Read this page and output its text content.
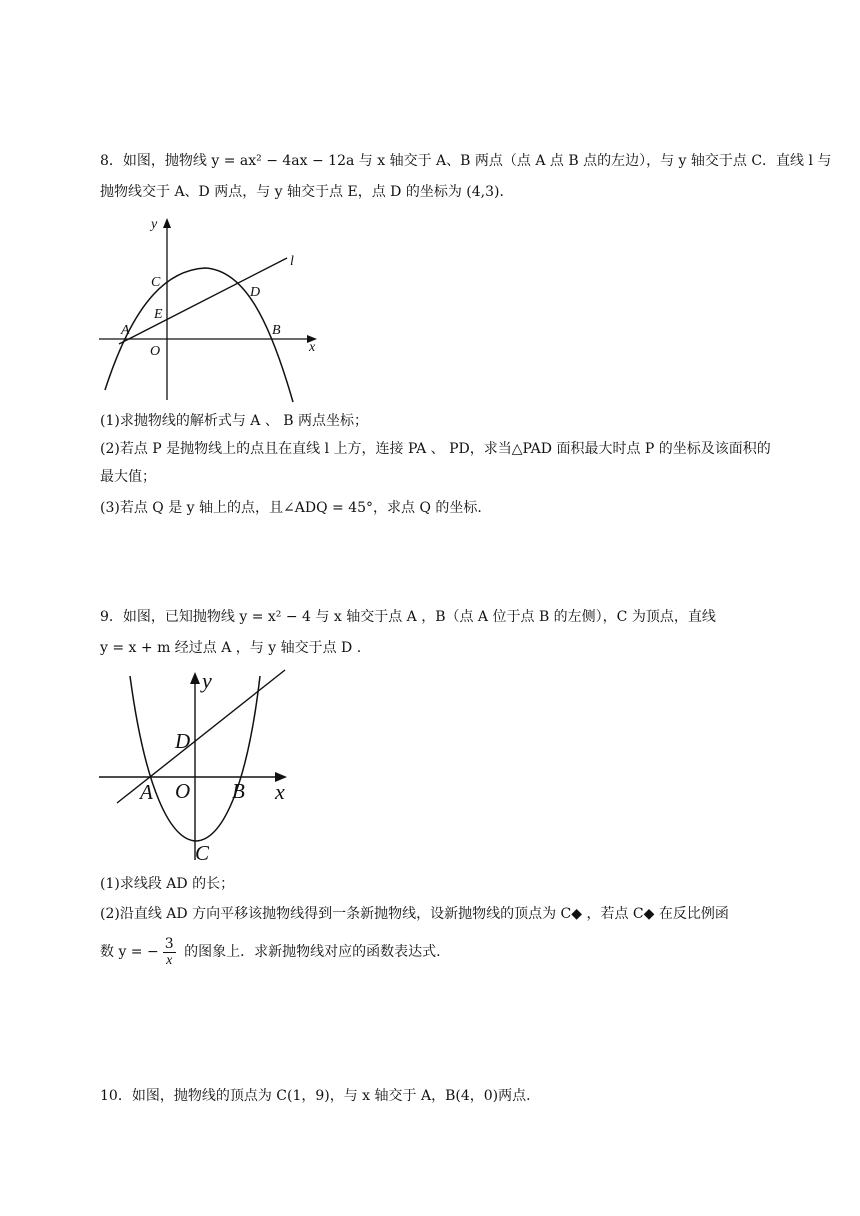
8．如图，抛物线 y = ax² − 4ax − 12a 与 x 轴交于 A、B 两点（点 A 点 B 点的左边），与 y 轴交于点 C．直线 l 与
抛物线交于 A、D 两点，与 y 轴交于点 E，点 D 的坐标为 (4,3)．
y
l
C
D
E
A	B
O	x
(1)求抛物线的解析式与 A 、 B 两点坐标；
(2)若点 P 是抛物线上的点且在直线 l 上方，连接 PA 、 PD，求当△PAD 面积最大时点 P 的坐标及该面积的
最大值；
(3)若点 Q 是 y 轴上的点，且∠ADQ = 45°，求点 Q 的坐标.
9．如图，已知抛物线 y = x² − 4 与 x 轴交于点 A ，B（点 A 位于点 B 的左侧），C 为顶点，直线
y = x + m 经过点 A ，与 y 轴交于点 D .
y
D
A O B x
C
(1)求线段 AD 的长；
(2)沿直线 AD 方向平移该抛物线得到一条新抛物线，设新抛物线的顶点为 C◆ ，若点 C◆ 在反比例函
数 y = − $\frac{3}{x}$ 的图象上．求新抛物线对应的函数表达式.
10．如图，抛物线的顶点为 C(1，9)，与 x 轴交于 A，B(4，0)两点．
